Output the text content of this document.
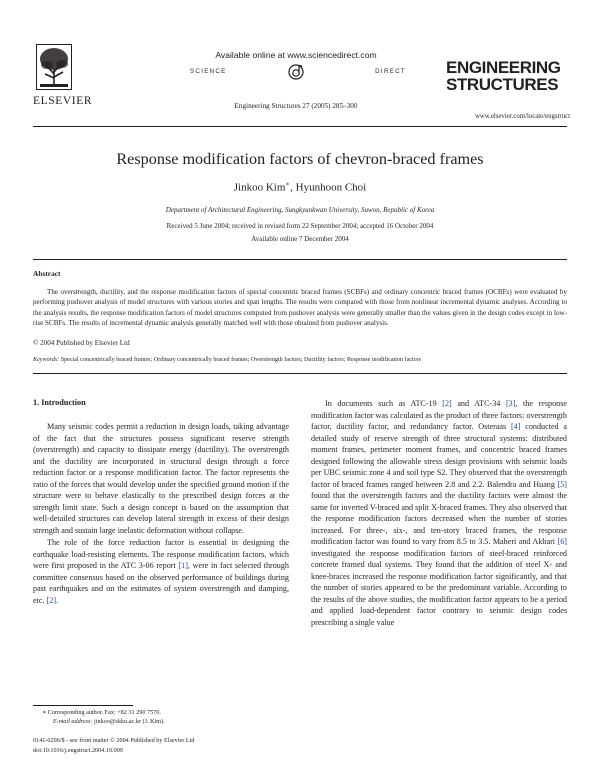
ELSEVIER
Available online at www.sciencedirect.com
SCIENCE	DIRECT
Engineering Structures 27 (2005) 285–300
ENGINEERING
STRUCTURES
www.elsevier.com/locate/engstruct
Response modification factors of chevron-braced frames
Jinkoo Kim∗, Hyunhoon Choi
Department of Architectural Engineering, Sungkyunkwan University, Suwon, Republic of Korea
Received 5 June 2004; received in revised form 22 September 2004; accepted 16 October 2004
Available online 7 December 2004
Abstract
The overstrength, ductility, and the response modification factors of special concentric braced frames (SCBFs) and ordinary concentric braced frames (OCBFs) were evaluated by performing pushover analysis of model structures with various stories and span lengths. The results were compared with those from nonlinear incremental dynamic analyses. According to the analysis results, the response modification factors of model structures computed from pushover analysis were generally smaller than the values given in the design codes except in low-rise SCBFs. The results of incremental dynamic analysis generally matched well with those obtained from pushover analysis.
© 2004 Published by Elsevier Ltd
Keywords: Special concentrically braced frames; Ordinary concentrically braced frames; Overstrength factors; Ductility factors; Response modification factors
1. Introduction

Many seismic codes permit a reduction in design loads, taking advantage of the fact that the structures possess significant reserve strength (overstrength) and capacity to dissipate energy (ductility). The overstrength and the ductility are incorporated in structural design through a force reduction factor or a response modification factor. The factor represents the ratio of the forces that would develop under the specified ground motion if the structure were to behave elastically to the prescribed design forces at the strength limit state. Such a design concept is based on the assumption that well-detailed structures can develop lateral strength in excess of their design strength and sustain large inelastic deformation without collapse.

The role of the force reduction factor is essential in designing the earthquake load-resisting elements. The response modification factors, which were first proposed in the ATC 3-06 report [1], were in fact selected through committee consensus based on the observed performance of buildings during past earthquakes and on the estimates of system overstrength and damping, etc. [2].

In documents such as ATC-19 [2] and ATC-34 [3], the response modification factor was calculated as the product of three factors: overstrength factor, ductility factor, and redundancy factor. Osteraas [4] conducted a detailed study of reserve strength of three structural systems: distributed moment frames, perimeter moment frames, and concentric braced frames designed following the allowable stress design provisions with seismic loads per UBC seismic zone 4 and soil type S2. They observed that the overstrength factor of braced frames ranged between 2.8 and 2.2. Balendra and Huang [5] found that the overstrength factors and the ductility factors were almost the same for inverted V-braced and split X-braced frames. They also observed that the response modification factors decreased when the number of stories increased. For three-, six-, and ten-story braced frames, the response modification factor was found to vary from 8.5 to 3.5. Maheri and Akbari [6] investigated the response modification factors of steel-braced reinforced concrete framed dual systems. They found that the addition of steel X- and knee-braces increased the response modification factor significantly, and that the number of stories appeared to be the predominant variable. According to the results of the above studies, the modification factor appears to be a period and applied load-dependent factor contrary to seismic design codes prescribing a single value

∗ Corresponding author. Fax: +82 31 290 7570.
E-mail address: jinkoo@skku.ac.kr (J. Kim).
0141-0296/$ - see front matter © 2004 Published by Elsevier Ltd
doi:10.1016/j.engstruct.2004.10.009
